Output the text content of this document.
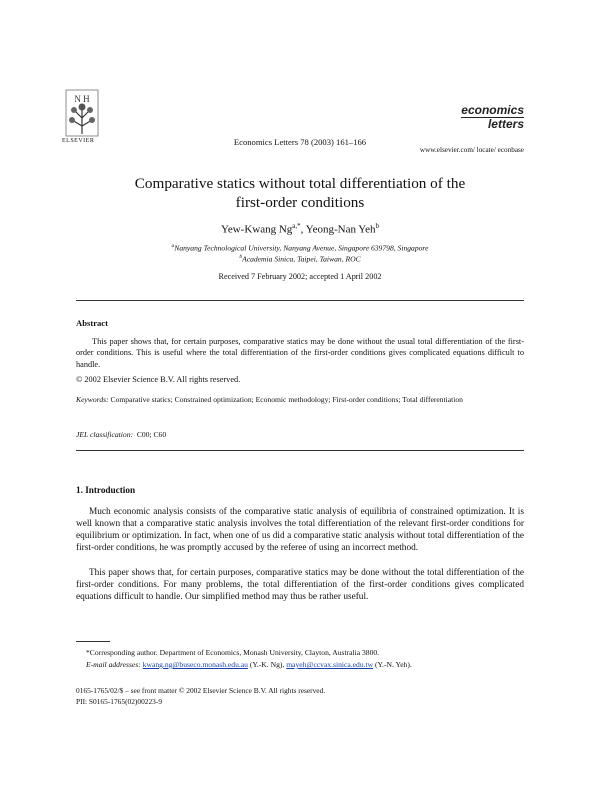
N H
ELSEVIER	Economics Letters 78 (2003) 161–166
economics
letters
www.elsevier.com/ locate/ econbase
Comparative statics without total differentiation of the
first-order conditions
Yew-Kwang $Ng^{a,*}$, Yeong-Nan Yeh$^b$
$^a$Nanyang Technological University, Nanyang Avenue, Singapore 639798, Singapore
$^b$Academia Sinica, Taipei, Taiwan, ROC
Received 7 February 2002; accepted 1 April 2002
Abstract

This paper shows that, for certain purposes, comparative statics may be done without the usual total differentiation of the first-order conditions. This is useful where the total differentiation of the first-order conditions gives complicated equations difficult to handle.

© 2002 Elsevier Science B.V. All rights reserved.

Keywords: Comparative statics; Constrained optimization; Economic methodology; First-order conditions; Total differentiation

JEL classification: C00; C60
1. Introduction

Much economic analysis consists of the comparative static analysis of equilibria of constrained optimization. It is well known that a comparative static analysis involves the total differentiation of the relevant first-order conditions for equilibrium or optimization. In fact, when one of us did a comparative static analysis without total differentiation of the first-order conditions, he was promptly accused by the referee of using an incorrect method.

This paper shows that, for certain purposes, comparative statics may be done without the total differentiation of the first-order conditions. For many problems, the total differentiation of the first-order conditions gives complicated equations difficult to handle. Our simplified method may thus be rather useful.

*Corresponding author. Department of Economics, Monash University, Clayton, Australia 3800.
E-mail addresses: kwang.ng@buseco.monash.edu.au (Y.-K. Ng), mayeh@ccvax.sinica.edu.tw (Y.-N. Yeh).
0165-1765/02/$ – see front matter © 2002 Elsevier Science B.V. All rights reserved.
PII: S0165-1765(02)00223-9
